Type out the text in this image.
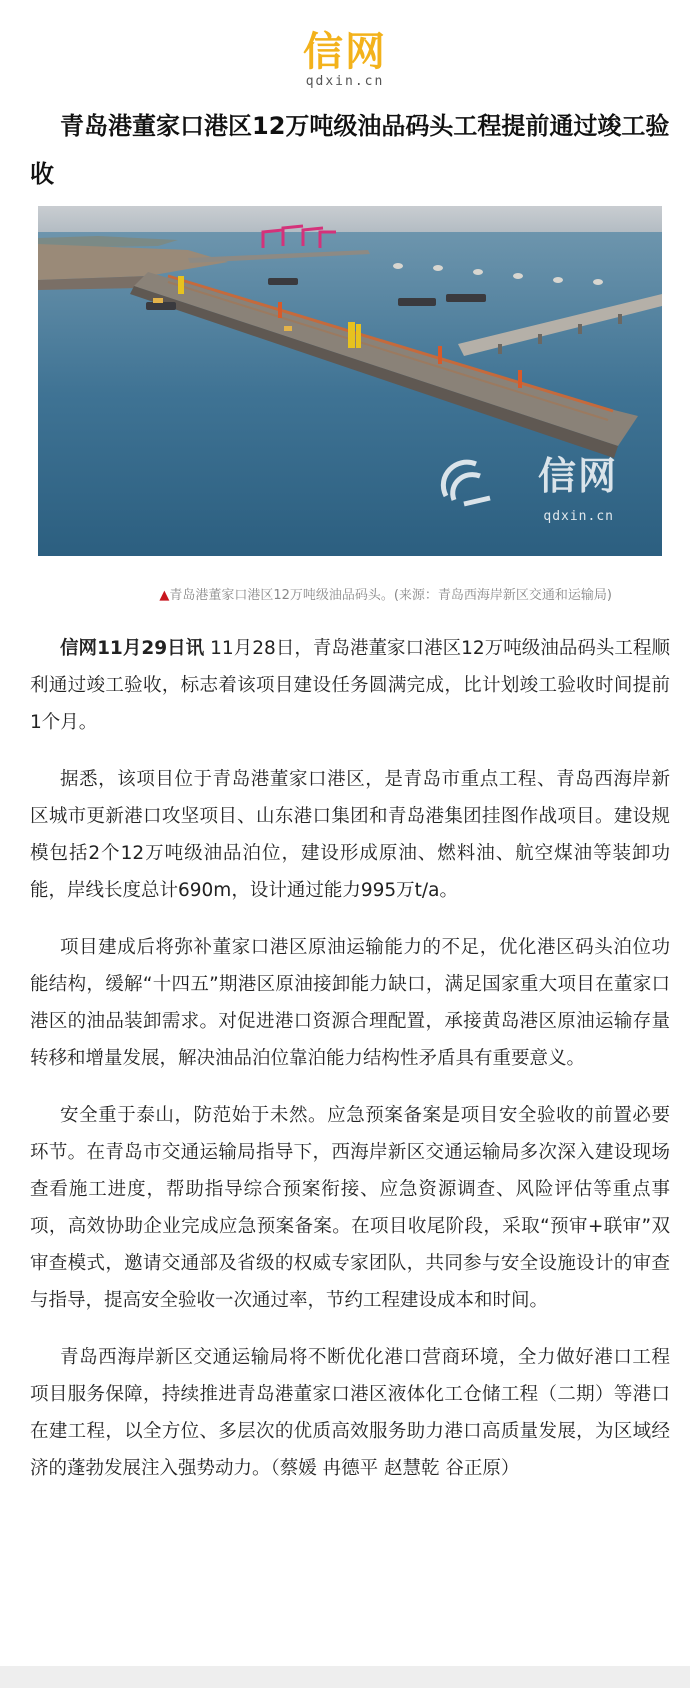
信网
qdxin.cn
青岛港董家口港区12万吨级油品码头工程提前通过竣工验收
信网
qdxin.cn
▲青岛港董家口港区12万吨级油品码头。(来源：青岛西海岸新区交通和运输局)

信网11月29日讯 11月28日，青岛港董家口港区12万吨级油品码头工程顺利通过竣工验收，标志着该项目建设任务圆满完成，比计划竣工验收时间提前1个月。

据悉，该项目位于青岛港董家口港区，是青岛市重点工程、青岛西海岸新区城市更新港口攻坚项目、山东港口集团和青岛港集团挂图作战项目。建设规模包括2个12万吨级油品泊位，建设形成原油、燃料油、航空煤油等装卸功能，岸线长度总计690m，设计通过能力995万t/a。

项目建成后将弥补董家口港区原油运输能力的不足，优化港区码头泊位功能结构，缓解“十四五”期港区原油接卸能力缺口，满足国家重大项目在董家口港区的油品装卸需求。对促进港口资源合理配置，承接黄岛港区原油运输存量转移和增量发展，解决油品泊位靠泊能力结构性矛盾具有重要意义。

安全重于泰山，防范始于未然。应急预案备案是项目安全验收的前置必要环节。在青岛市交通运输局指导下，西海岸新区交通运输局多次深入建设现场查看施工进度，帮助指导综合预案衔接、应急资源调查、风险评估等重点事项，高效协助企业完成应急预案备案。在项目收尾阶段，采取“预审+联审”双审查模式，邀请交通部及省级的权威专家团队，共同参与安全设施设计的审查与指导，提高安全验收一次通过率，节约工程建设成本和时间。

青岛西海岸新区交通运输局将不断优化港口营商环境，全力做好港口工程项目服务保障，持续推进青岛港董家口港区液体化工仓储工程（二期）等港口在建工程，以全方位、多层次的优质高效服务助力港口高质量发展，为区域经济的蓬勃发展注入强势动力。（蔡媛 冉德平 赵慧乾 谷正原）
